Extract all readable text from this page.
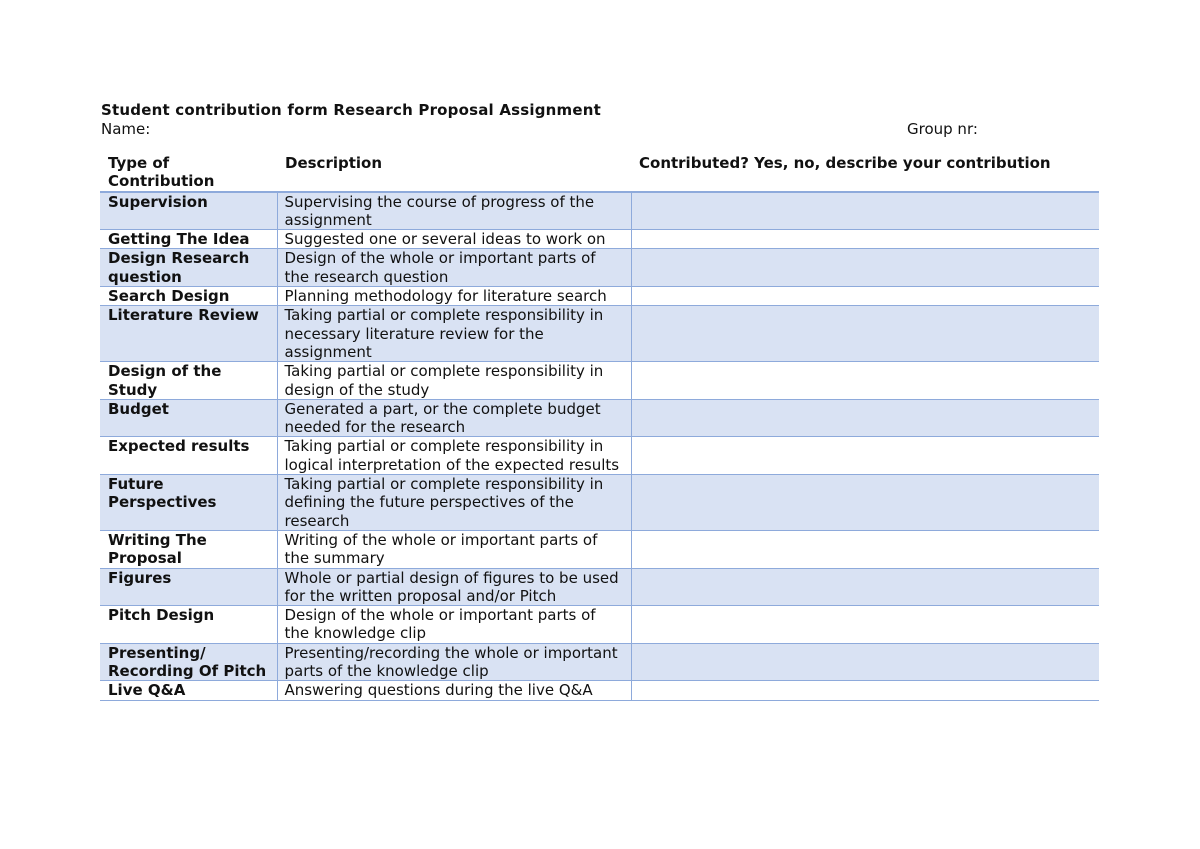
Student contribution form Research Proposal Assignment
Name:	Group nr:
Type of Contribution	Description	Contributed? Yes, no, describe your contribution
Supervision	Supervising the course of progress of the assignment	
Getting The Idea	Suggested one or several ideas to work on	
Design Research question	Design of the whole or important parts of the research question	
Search Design	Planning methodology for literature search	
Literature Review	Taking partial or complete responsibility in necessary literature review for the assignment	
Design of the Study	Taking partial or complete responsibility in design of the study	
Budget	Generated a part, or the complete budget needed for the research	
Expected results	Taking partial or complete responsibility in logical interpretation of the expected results	
Future Perspectives	Taking partial or complete responsibility in defining the future perspectives of the research	
Writing The Proposal	Writing of the whole or important parts of the summary	
Figures	Whole or partial design of figures to be used for the written proposal and/or Pitch	
Pitch Design	Design of the whole or important parts of the knowledge clip	
Presenting/ Recording Of Pitch	Presenting/recording the whole or important parts of the knowledge clip	
Live Q&A	Answering questions during the live Q&A	
